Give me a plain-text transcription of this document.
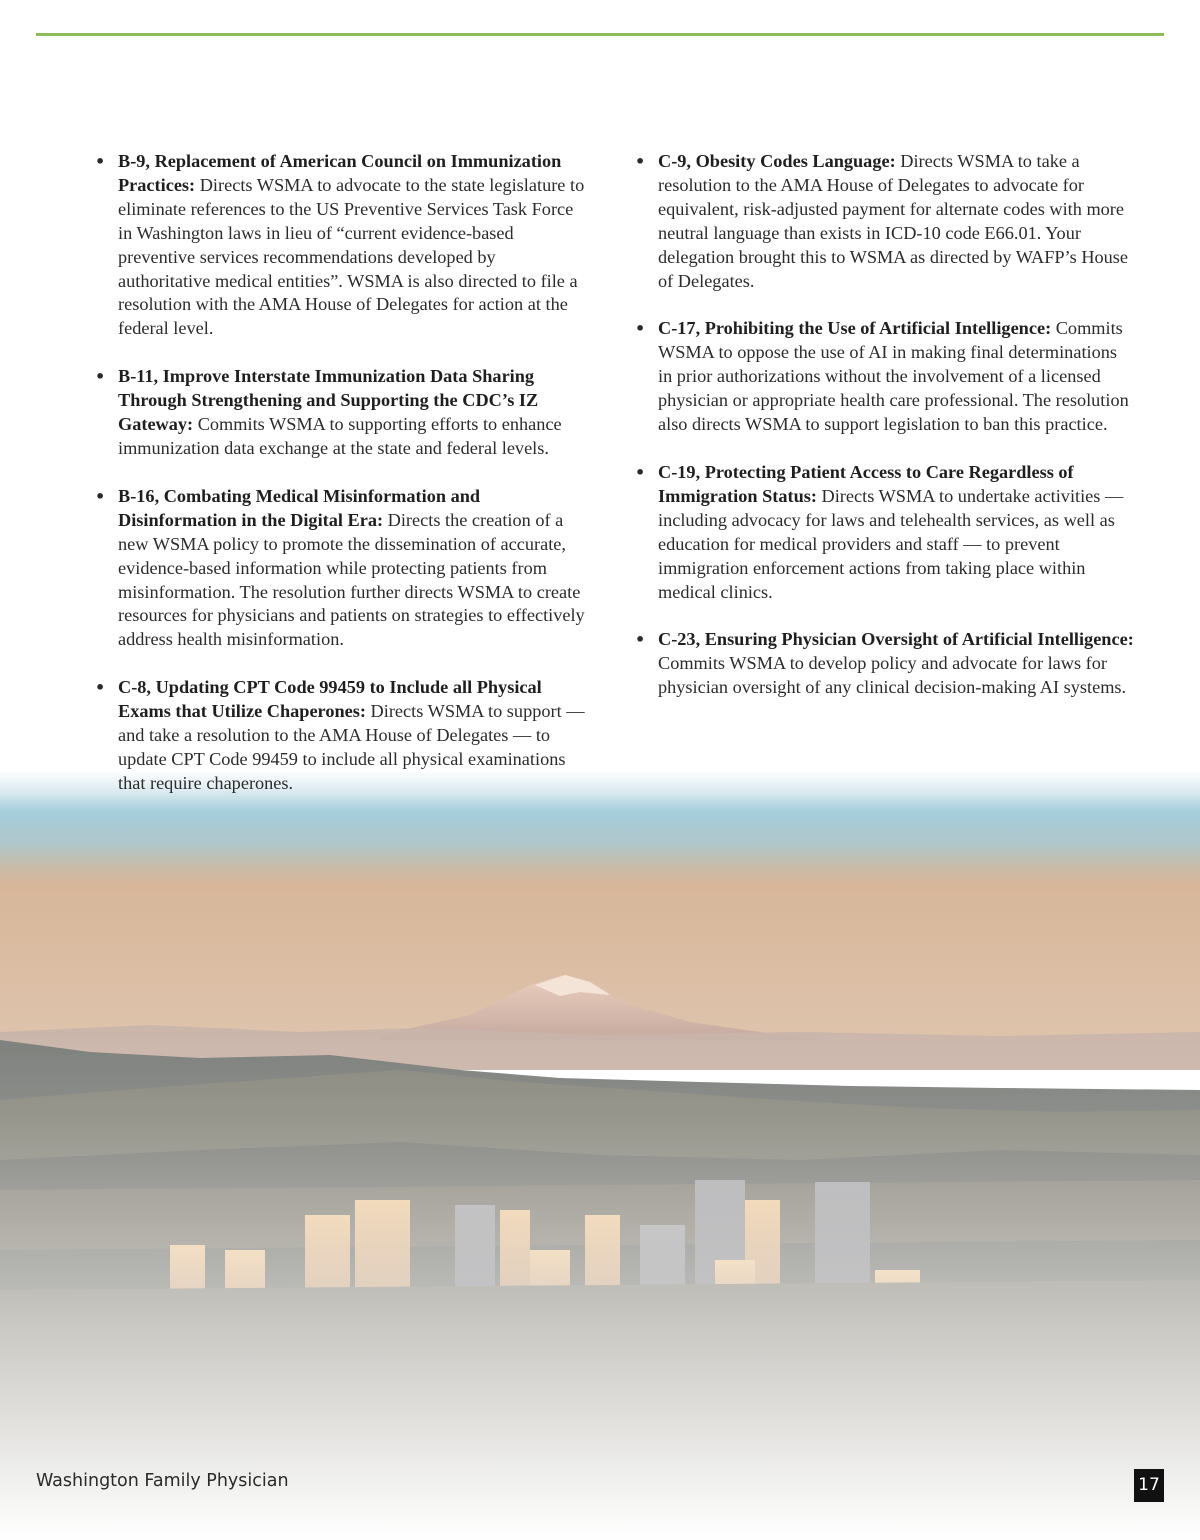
• B-9, Replacement of American Council on Immunization Practices: Directs WSMA to advocate to the state legislature to eliminate references to the US Preventive Services Task Force in Washington laws in lieu of “current evidence-based preventive services recommendations developed by authoritative medical entities”. WSMA is also directed to file a resolution with the AMA House of Delegates for action at the federal level.
• B-11, Improve Interstate Immunization Data Sharing Through Strengthening and Supporting the CDC’s IZ Gateway: Commits WSMA to supporting efforts to enhance immunization data exchange at the state and federal levels.
• B-16, Combating Medical Misinformation and Disinformation in the Digital Era: Directs the creation of a new WSMA policy to promote the dissemination of accurate, evidence-based information while protecting patients from misinformation. The resolution further directs WSMA to create resources for physicians and patients on strategies to effectively address health misinformation.
• C-8, Updating CPT Code 99459 to Include all Physical Exams that Utilize Chaperones: Directs WSMA to support — and take a resolution to the AMA House of Delegates — to update CPT Code 99459 to include all physical examinations that require chaperones.
• C-9, Obesity Codes Language: Directs WSMA to take a resolution to the AMA House of Delegates to advocate for equivalent, risk-adjusted payment for alternate codes with more neutral language than exists in ICD-10 code E66.01. Your delegation brought this to WSMA as directed by WAFP’s House of Delegates.
• C-17, Prohibiting the Use of Artificial Intelligence: Commits WSMA to oppose the use of AI in making final determinations in prior authorizations without the involvement of a licensed physician or appropriate health care professional. The resolution also directs WSMA to support legislation to ban this practice.
• C-19, Protecting Patient Access to Care Regardless of Immigration Status: Directs WSMA to undertake activities — including advocacy for laws and telehealth services, as well as education for medical providers and staff — to prevent immigration enforcement actions from taking place within medical clinics.
• C-23, Ensuring Physician Oversight of Artificial Intelligence: Commits WSMA to develop policy and advocate for laws for physician oversight of any clinical decision-making AI systems.
Washington Family Physician	17
